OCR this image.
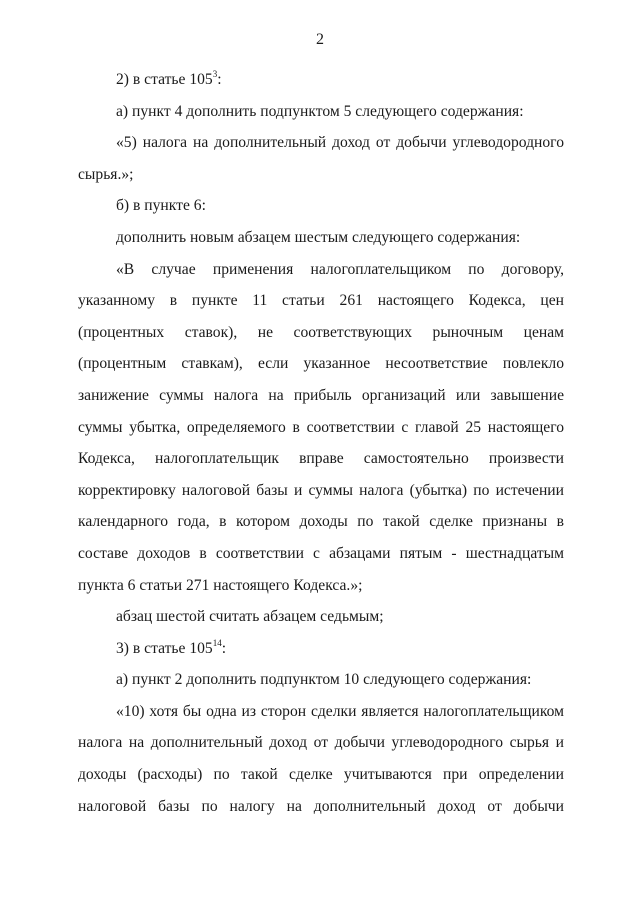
2

2) в статье $105^3$:

а) пункт 4 дополнить подпунктом 5 следующего содержания:

«5) налога на дополнительный доход от добычи углеводородного сырья.»;

б) в пункте 6:

дополнить новым абзацем шестым следующего содержания:

«В случае применения налогоплательщиком по договору, указанному в пункте 11 статьи 261 настоящего Кодекса, цен (процентных ставок), не соответствующих рыночным ценам (процентным ставкам), если указанное несоответствие повлекло занижение суммы налога на прибыль организаций или завышение суммы убытка, определяемого в соответствии с главой 25 настоящего Кодекса, налогоплательщик вправе самостоятельно произвести корректировку налоговой базы и суммы налога (убытка) по истечении календарного года, в котором доходы по такой сделке признаны в составе доходов в соответствии с абзацами пятым - шестнадцатым пункта 6 статьи 271 настоящего Кодекса.»;

абзац шестой считать абзацем седьмым;

3) в статье $105^{14}$:

а) пункт 2 дополнить подпунктом 10 следующего содержания:

«10) хотя бы одна из сторон сделки является налогоплательщиком налога на дополнительный доход от добычи углеводородного сырья и доходы (расходы) по такой сделке учитываются при определении налоговой базы по налогу на дополнительный доход от добычи
